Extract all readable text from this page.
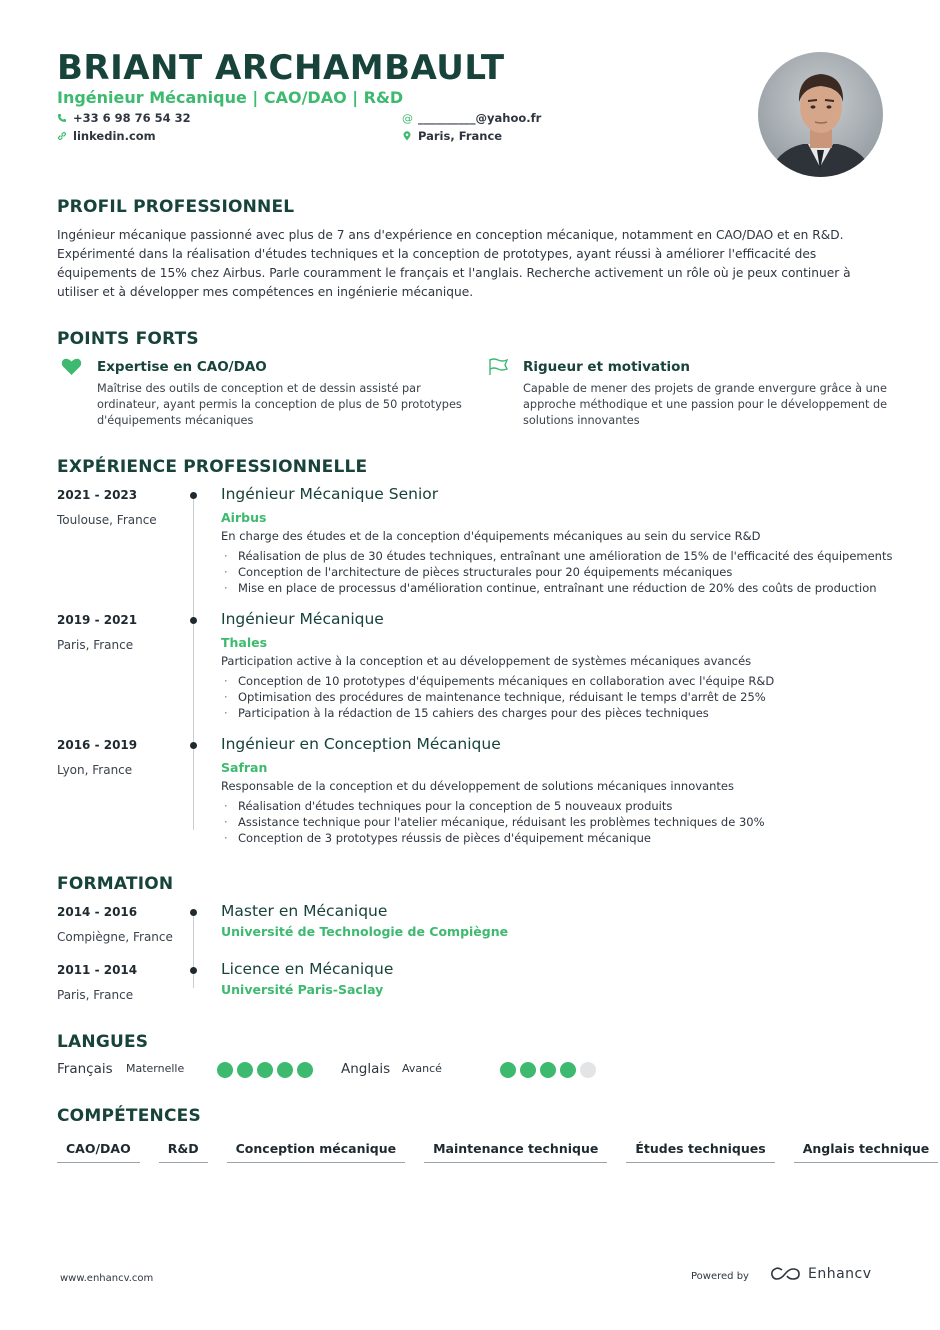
BRIANT ARCHAMBAULT
Ingénieur Mécanique | CAO/DAO | R&D
+33 6 98 76 54 32
linkedin.com
@ __________@yahoo.fr
Paris, France
PROFIL PROFESSIONNEL
Ingénieur mécanique passionné avec plus de 7 ans d'expérience en conception mécanique, notamment en CAO/DAO et en R&D. Expérimenté dans la réalisation d'études techniques et la conception de prototypes, ayant réussi à améliorer l'efficacité des équipements de 15% chez Airbus. Parle couramment le français et l'anglais. Recherche activement un rôle où je peux continuer à utiliser et à développer mes compétences en ingénierie mécanique.
POINTS FORTS
Expertise en CAO/DAO
Maîtrise des outils de conception et de dessin assisté par ordinateur, ayant permis la conception de plus de 50 prototypes d'équipements mécaniques
Rigueur et motivation
Capable de mener des projets de grande envergure grâce à une approche méthodique et une passion pour le développement de solutions innovantes
EXPÉRIENCE PROFESSIONNELLE
2021 - 2023
Toulouse, France
Ingénieur Mécanique Senior
Airbus
En charge des études et de la conception d'équipements mécaniques au sein du service R&D
· Réalisation de plus de 30 études techniques, entraînant une amélioration de 15% de l'efficacité des équipements
· Conception de l'architecture de pièces structurales pour 20 équipements mécaniques
· Mise en place de processus d'amélioration continue, entraînant une réduction de 20% des coûts de production
2019 - 2021
Paris, France
Ingénieur Mécanique
Thales
Participation active à la conception et au développement de systèmes mécaniques avancés
· Conception de 10 prototypes d'équipements mécaniques en collaboration avec l'équipe R&D
· Optimisation des procédures de maintenance technique, réduisant le temps d'arrêt de 25%
· Participation à la rédaction de 15 cahiers des charges pour des pièces techniques
2016 - 2019
Lyon, France
Ingénieur en Conception Mécanique
Safran
Responsable de la conception et du développement de solutions mécaniques innovantes
· Réalisation d'études techniques pour la conception de 5 nouveaux produits
· Assistance technique pour l'atelier mécanique, réduisant les problèmes techniques de 30%
· Conception de 3 prototypes réussis de pièces d'équipement mécanique
FORMATION
2014 - 2016
Compiègne, France
Master en Mécanique
Université de Technologie de Compiègne
2011 - 2014
Paris, France
Licence en Mécanique
Université Paris-Saclay
LANGUES
Français Maternelle	Anglais Avancé
COMPÉTENCES
CAO/DAO	R&D	Conception mécanique	Maintenance technique	Études techniques	Anglais technique
www.enhancv.com	Powered by	Enhancv
